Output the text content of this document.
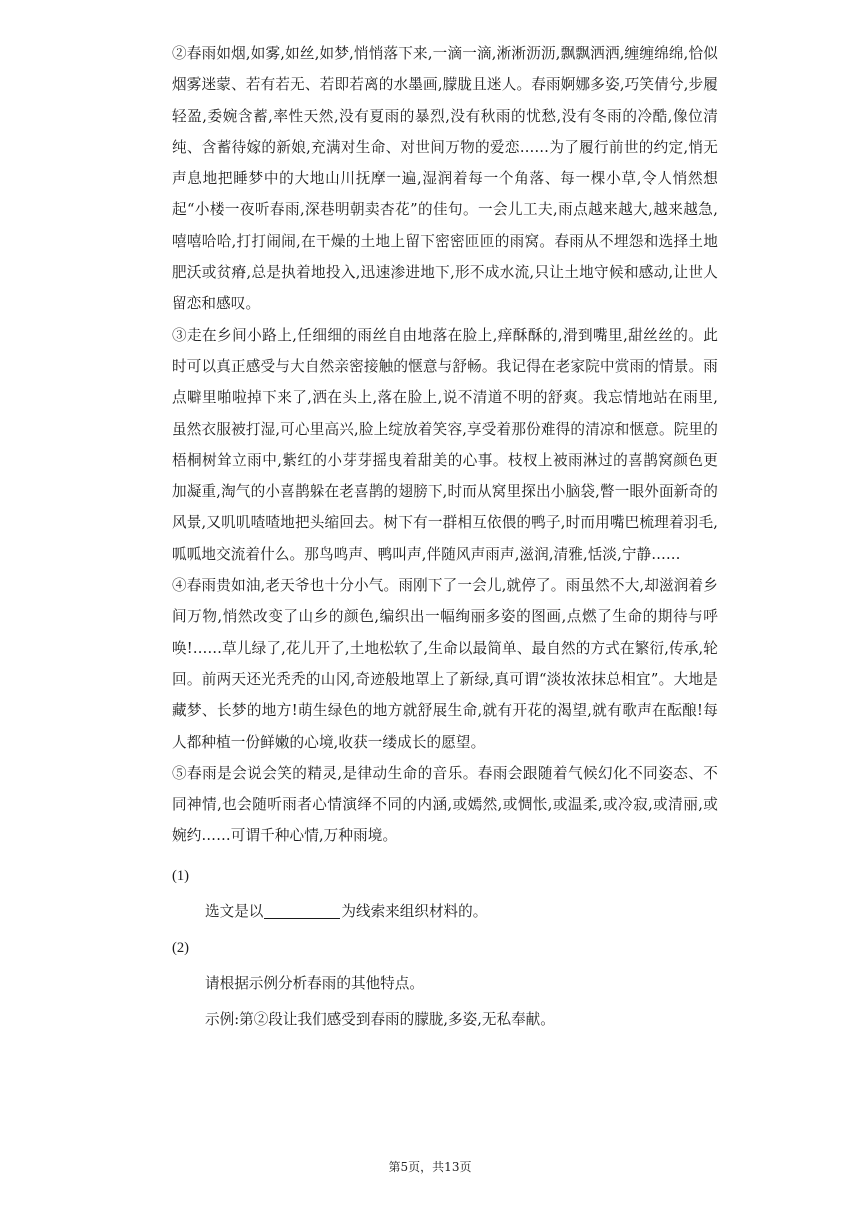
②春雨如烟,如雾,如丝,如梦,悄悄落下来,一滴一滴,淅淅沥沥,飘飘洒洒,缠缠绵绵,恰似烟雾迷蒙、若有若无、若即若离的水墨画,朦胧且迷人。春雨婀娜多姿,巧笑倩兮,步履轻盈,委婉含蓄,率性天然,没有夏雨的暴烈,没有秋雨的忧愁,没有冬雨的冷酷,像位清纯、含蓄待嫁的新娘,充满对生命、对世间万物的爱恋……为了履行前世的约定,悄无声息地把睡梦中的大地山川抚摩一遍,湿润着每一个角落、每一棵小草,令人悄然想起“小楼一夜听春雨,深巷明朝卖杏花”的佳句。一会儿工夫,雨点越来越大,越来越急,嘻嘻哈哈,打打闹闹,在干燥的土地上留下密密匝匝的雨窝。春雨从不埋怨和选择土地肥沃或贫瘠,总是执着地投入,迅速渗进地下,形不成水流,只让土地守候和感动,让世人留恋和感叹。

③走在乡间小路上,任细细的雨丝自由地落在脸上,痒酥酥的,滑到嘴里,甜丝丝的。此时可以真正感受与大自然亲密接触的惬意与舒畅。我记得在老家院中赏雨的情景。雨点噼里啪啦掉下来了,洒在头上,落在脸上,说不清道不明的舒爽。我忘情地站在雨里,虽然衣服被打湿,可心里高兴,脸上绽放着笑容,享受着那份难得的清凉和惬意。院里的梧桐树耸立雨中,紫红的小芽芽摇曳着甜美的心事。枝杈上被雨淋过的喜鹊窝颜色更加凝重,淘气的小喜鹊躲在老喜鹊的翅膀下,时而从窝里探出小脑袋,瞥一眼外面新奇的风景,又叽叽喳喳地把头缩回去。树下有一群相互依偎的鸭子,时而用嘴巴梳理着羽毛,呱呱地交流着什么。那鸟鸣声、鸭叫声,伴随风声雨声,滋润,清雅,恬淡,宁静……

④春雨贵如油,老天爷也十分小气。雨刚下了一会儿,就停了。雨虽然不大,却滋润着乡间万物,悄然改变了山乡的颜色,编织出一幅绚丽多姿的图画,点燃了生命的期待与呼唤!……草儿绿了,花儿开了,土地松软了,生命以最简单、最自然的方式在繁衍,传承,轮回。前两天还光秃秃的山冈,奇迹般地罩上了新绿,真可谓“淡妆浓抹总相宜”。大地是藏梦、长梦的地方!萌生绿色的地方就舒展生命,就有开花的渴望,就有歌声在酝酿!每人都种植一份鲜嫩的心境,收获一缕成长的愿望。

⑤春雨是会说会笑的精灵,是律动生命的音乐。春雨会跟随着气候幻化不同姿态、不同神情,也会随听雨者心情演绎不同的内涵,或嫣然,或惆怅,或温柔,或冷寂,或清丽,或婉约……可谓千种心情,万种雨境。

(1)

选文是以	为线索来组织材料的。

(2)

请根据示例分析春雨的其他特点。

示例:第②段让我们感受到春雨的朦胧,多姿,无私奉献。

第5页，共13页
